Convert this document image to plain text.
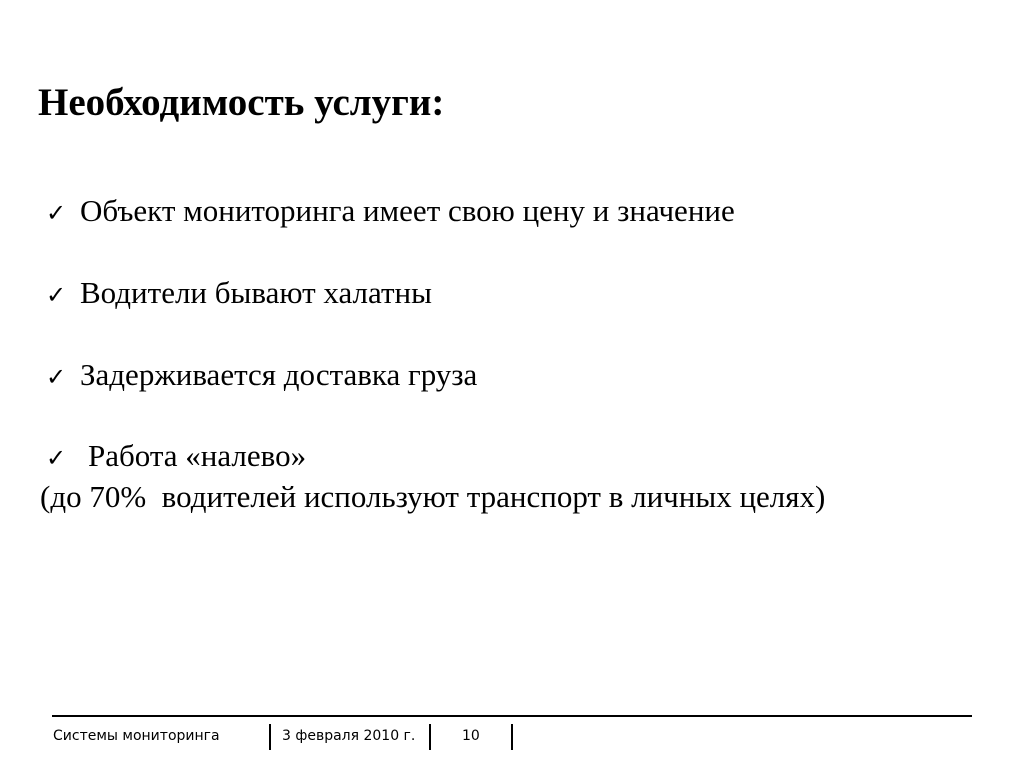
Необходимость услуги:
✓ Объект мониторинга имеет свою цену и значение
✓ Водители бывают халатны
✓ Задерживается доставка груза
✓ Работа «налево»
(до 70%  водителей используют транспорт в личных целях)
Системы мониторинга	3 февраля 2010 г.	10
